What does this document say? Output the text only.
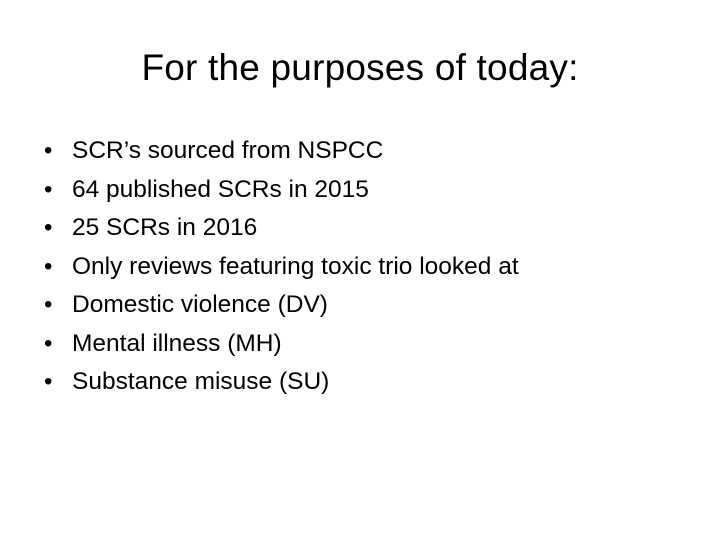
For the purposes of today:
• SCR’s sourced from NSPCC
• 64 published SCRs in 2015
• 25 SCRs in 2016
• Only reviews featuring toxic trio looked at
• Domestic violence (DV)
• Mental illness (MH)
• Substance misuse (SU)
